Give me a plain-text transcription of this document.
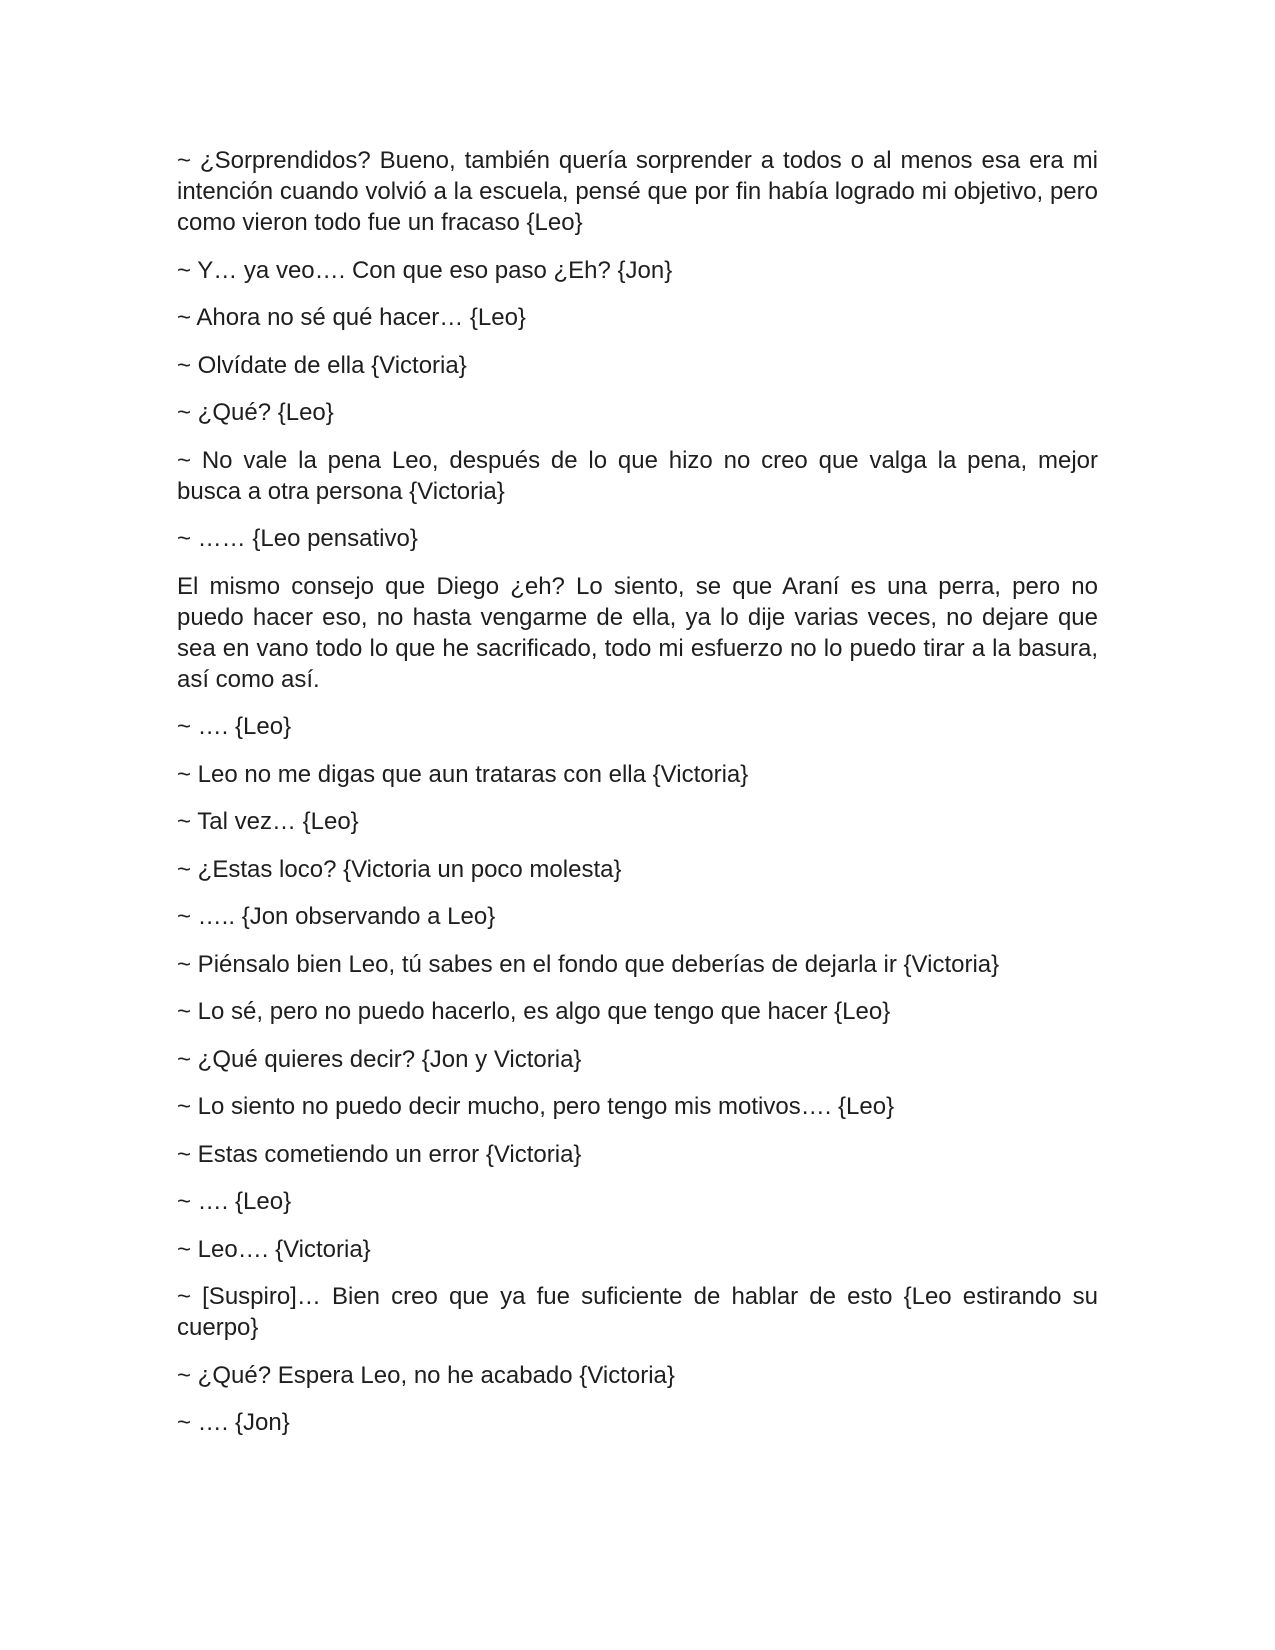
~ ¿Sorprendidos? Bueno, también quería sorprender a todos o al menos esa era mi intención cuando volvió a la escuela, pensé que por fin había logrado mi objetivo, pero como vieron todo fue un fracaso {Leo}

~ Y… ya veo…. Con que eso paso ¿Eh? {Jon}

~ Ahora no sé qué hacer… {Leo}

~ Olvídate de ella {Victoria}

~ ¿Qué? {Leo}

~ No vale la pena Leo, después de lo que hizo no creo que valga la pena, mejor busca a otra persona {Victoria}

~ …… {Leo pensativo}

El mismo consejo que Diego ¿eh? Lo siento, se que Araní es una perra, pero no puedo hacer eso, no hasta vengarme de ella, ya lo dije varias veces, no dejare que sea en vano todo lo que he sacrificado, todo mi esfuerzo no lo puedo tirar a la basura, así como así.

~ …. {Leo}

~ Leo no me digas que aun trataras con ella {Victoria}

~ Tal vez… {Leo}

~ ¿Estas loco? {Victoria un poco molesta}

~ ….. {Jon observando a Leo}

~ Piénsalo bien Leo, tú sabes en el fondo que deberías de dejarla ir {Victoria}

~ Lo sé, pero no puedo hacerlo, es algo que tengo que hacer {Leo}

~ ¿Qué quieres decir? {Jon y Victoria}

~ Lo siento no puedo decir mucho, pero tengo mis motivos…. {Leo}

~ Estas cometiendo un error {Victoria}

~ …. {Leo}

~ Leo…. {Victoria}

~ [Suspiro]… Bien creo que ya fue suficiente de hablar de esto {Leo estirando su cuerpo}

~ ¿Qué? Espera Leo, no he acabado {Victoria}

~ …. {Jon}
